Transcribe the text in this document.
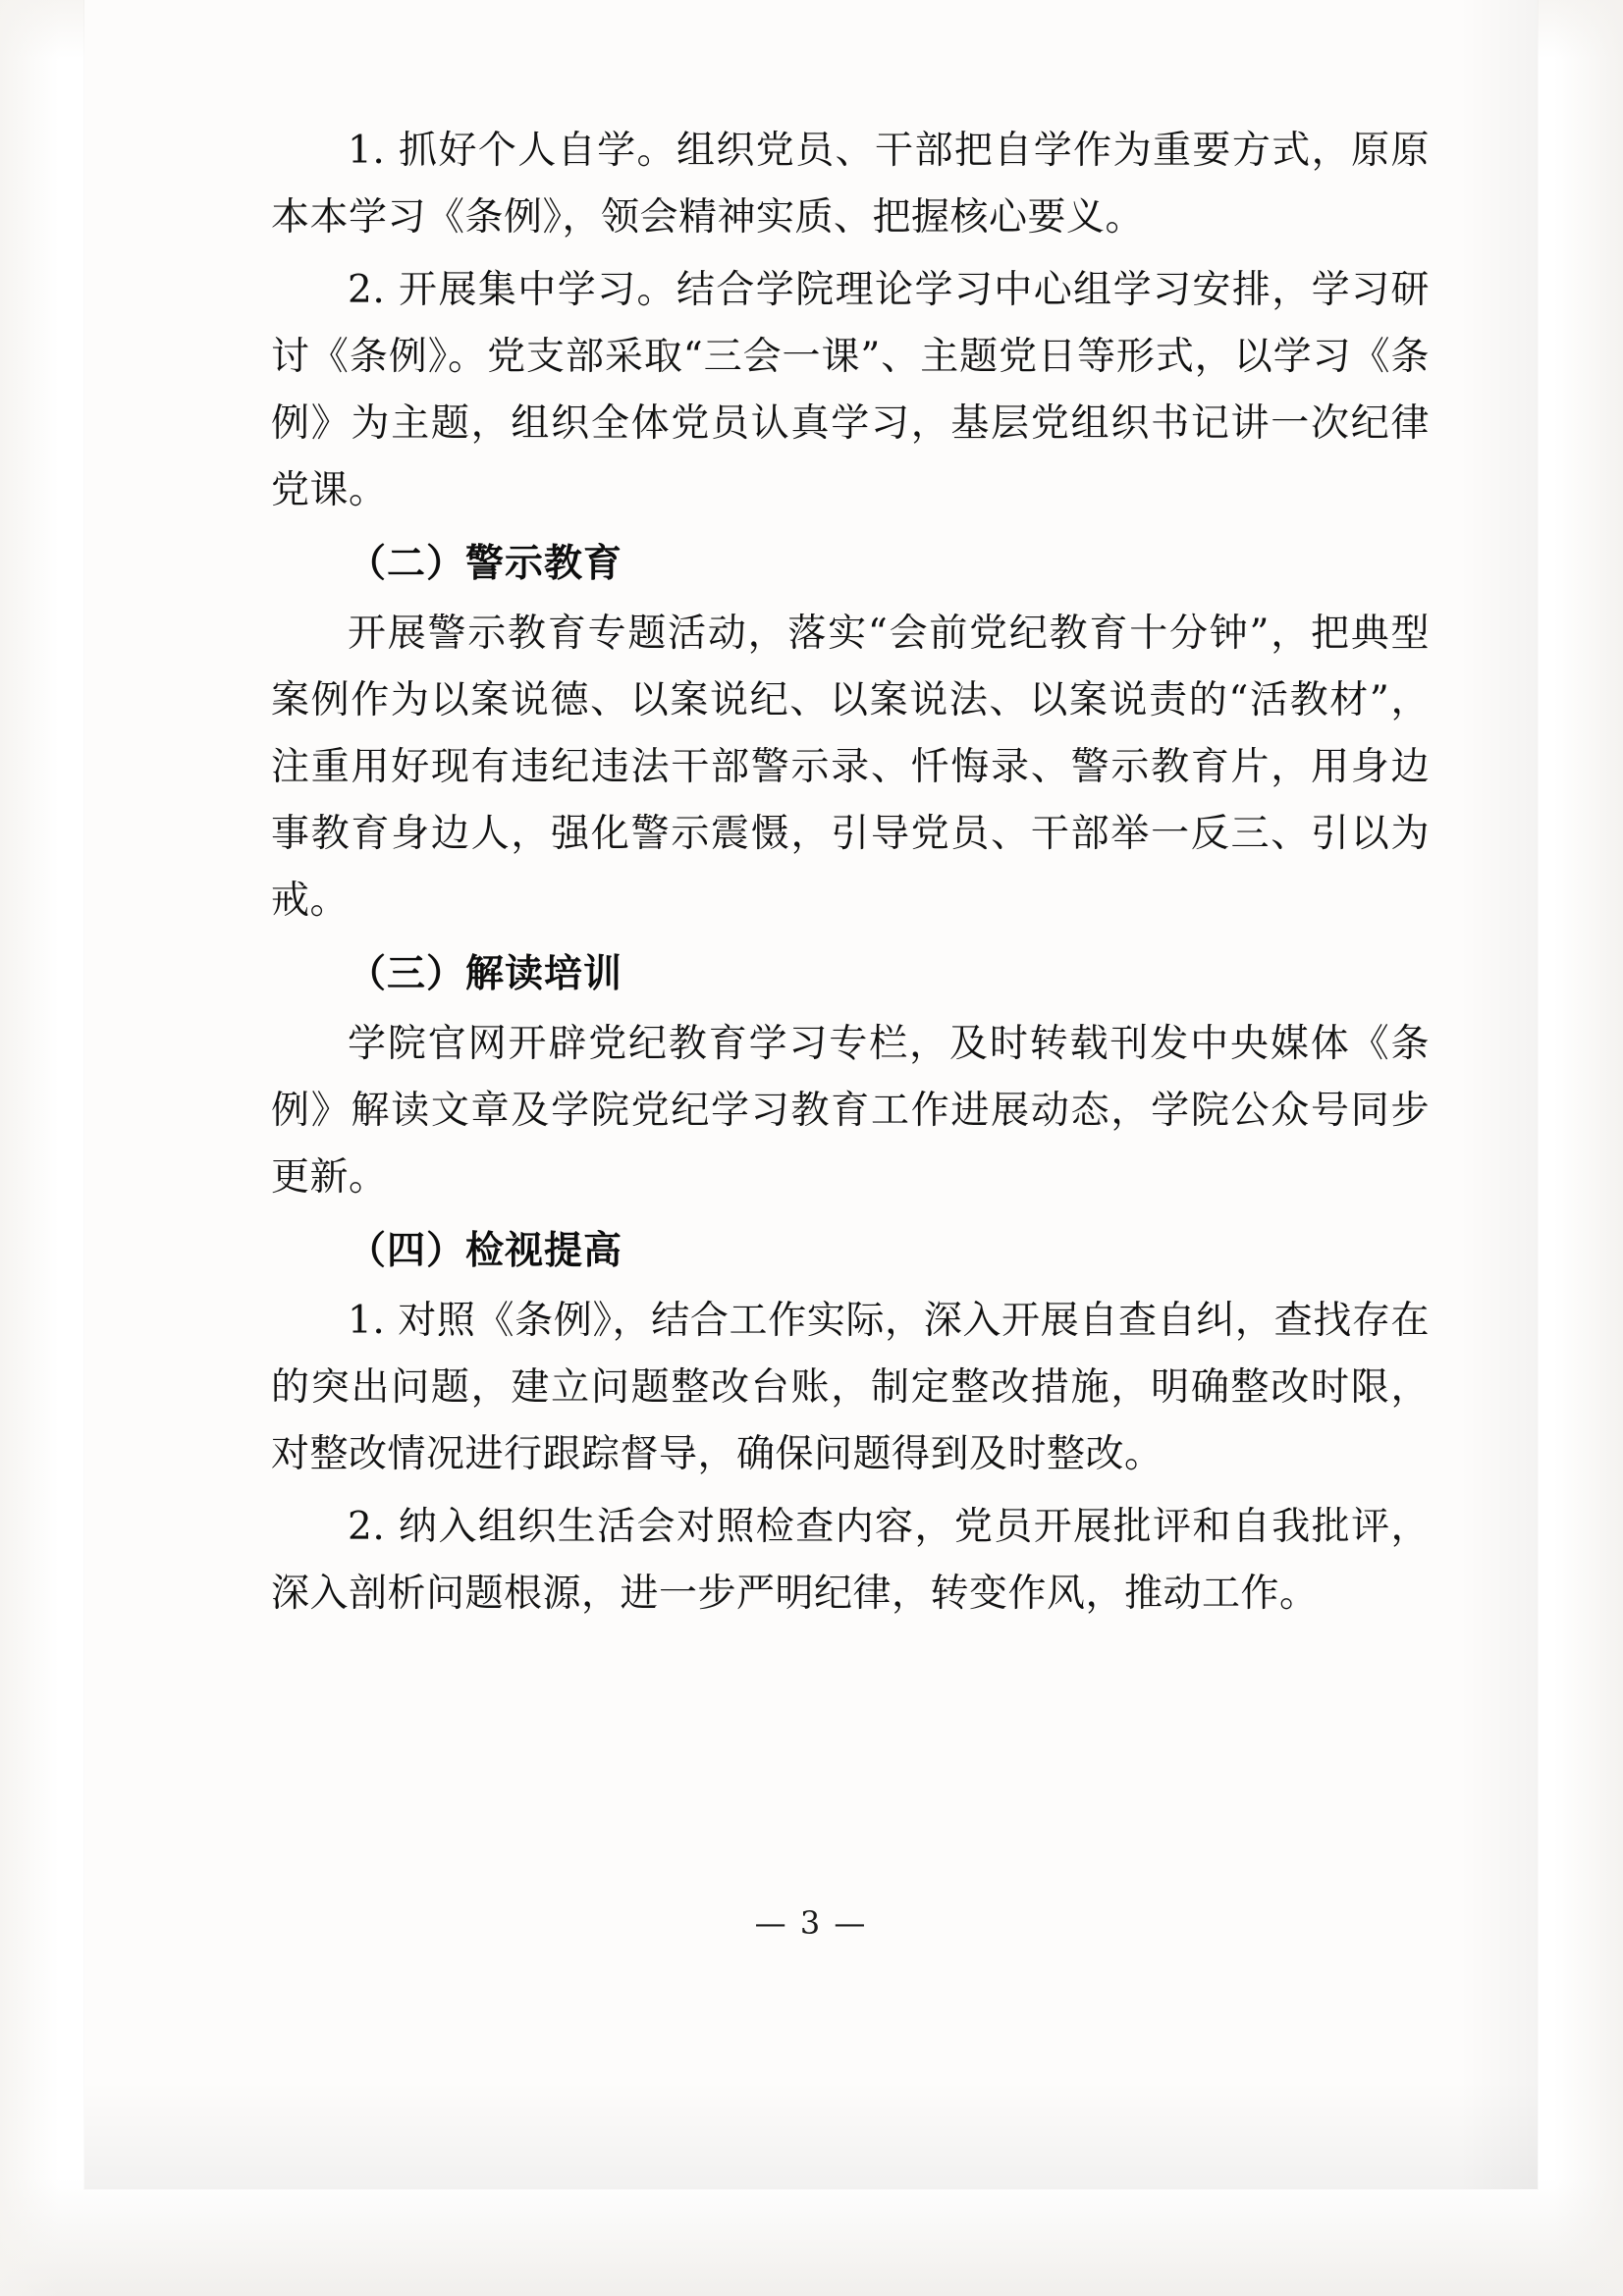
1. 抓好个人自学。组织党员、干部把自学作为重要方式，原原本本学习《条例》，领会精神实质、把握核心要义。

2. 开展集中学习。结合学院理论学习中心组学习安排，学习研讨《条例》。党支部采取“三会一课”、主题党日等形式，以学习《条例》为主题，组织全体党员认真学习，基层党组织书记讲一次纪律党课。

（二）警示教育

开展警示教育专题活动，落实“会前党纪教育十分钟”，把典型案例作为以案说德、以案说纪、以案说法、以案说责的“活教材”，注重用好现有违纪违法干部警示录、忏悔录、警示教育片，用身边事教育身边人，强化警示震慑，引导党员、干部举一反三、引以为戒。

（三）解读培训

学院官网开辟党纪教育学习专栏，及时转载刊发中央媒体《条例》解读文章及学院党纪学习教育工作进展动态，学院公众号同步更新。

（四）检视提高

1. 对照《条例》，结合工作实际，深入开展自查自纠，查找存在的突出问题，建立问题整改台账，制定整改措施，明确整改时限，对整改情况进行跟踪督导，确保问题得到及时整改。

2. 纳入组织生活会对照检查内容，党员开展批评和自我批评，深入剖析问题根源，进一步严明纪律，转变作风，推动工作。

— 3 —
